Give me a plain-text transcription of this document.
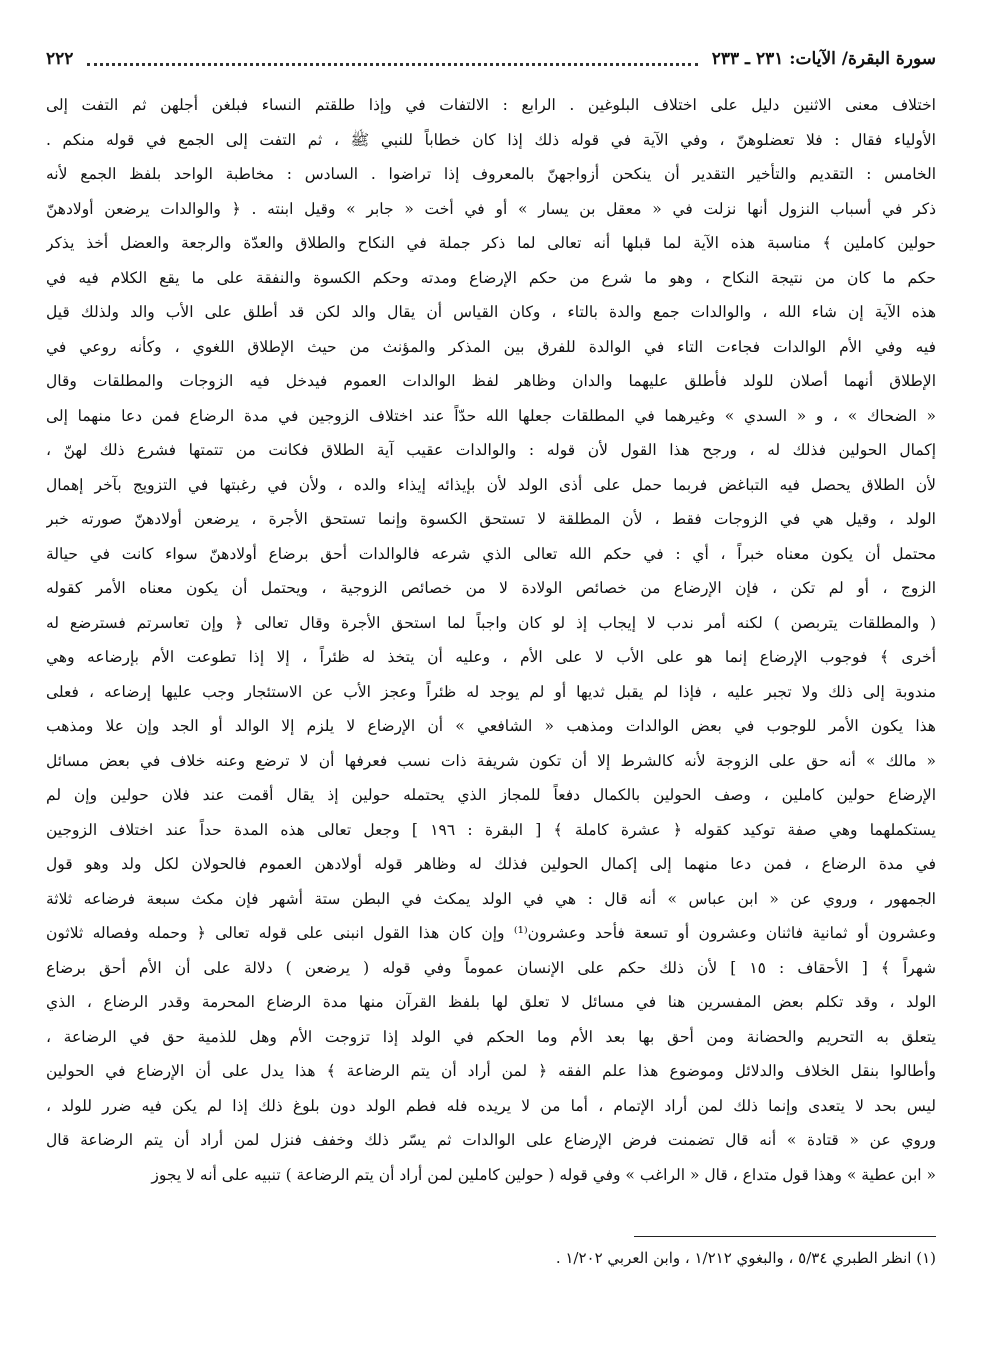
سورة البقرة/ الآيات: ٢٣١ ـ ٢٣٣
٢٢٢
اختلاف معنى الاثنين دليل على اختلاف البلوغين . الرابع : الالتفات في وإذا طلقتم النساء فبلغن أجلهن ثم التفت إلى
الأولياء فقال : فلا تعضلوهنّ ، وفي الآية في قوله ذلك إذا كان خطاباً للنبي ﷺ ، ثم التفت إلى الجمع في قوله منكم .
الخامس : التقديم والتأخير التقدير أن ينكحن أزواجهنّ بالمعروف إذا تراضوا . السادس : مخاطبة الواحد بلفظ الجمع لأنه
ذكر في أسباب النزول أنها نزلت في « معقل بن يسار » أو في أخت « جابر » وقيل ابنته . ﴿ والوالدات يرضعن أولادهنّ
حولين كاملين ﴾ مناسبة هذه الآية لما قبلها أنه تعالى لما ذكر جملة في النكاح والطلاق والعدّة والرجعة والعضل أخذ يذكر
حكم ما كان من نتيجة النكاح ، وهو ما شرع من حكم الإرضاع ومدته وحكم الكسوة والنفقة على ما يقع الكلام فيه في
هذه الآية إن شاء الله ، والوالدات جمع والدة بالتاء ، وكان القياس أن يقال والد لكن قد أطلق على الأب والد ولذلك قيل
فيه وفي الأم الوالدات فجاءت التاء في الوالدة للفرق بين المذكر والمؤنث من حيث الإطلاق اللغوي ، وكأنه روعي في
الإطلاق أنهما أصلان للولد فأطلق عليهما والدان وظاهر لفظ الوالدات العموم فيدخل فيه الزوجات والمطلقات وقال
« الضحاك » ، و « السدي » وغيرهما في المطلقات جعلها الله حدّاً عند اختلاف الزوجين في مدة الرضاع فمن دعا منهما إلى
إكمال الحولين فذلك له ، ورجح هذا القول لأن قوله : والوالدات عقيب آية الطلاق فكانت من تتمتها فشرع ذلك لهنّ ،
لأن الطلاق يحصل فيه التباغض فربما حمل على أذى الولد لأن بإيذائه إيذاء والده ، ولأن في رغبتها في التزويج بآخر إهمال
الولد ، وقيل هي في الزوجات فقط ، لأن المطلقة لا تستحق الكسوة وإنما تستحق الأجرة ، يرضعن أولادهنّ صورته خبر
محتمل أن يكون معناه خبراً ، أي : في حكم الله تعالى الذي شرعه فالوالدات أحق برضاع أولادهنّ سواء كانت في حيالة
الزوج ، أو لم تكن ، فإن الإرضاع من خصائص الولادة لا من خصائص الزوجية ، ويحتمل أن يكون معناه الأمر كقوله
( والمطلقات يتربصن ) لكنه أمر ندب لا إيجاب إذ لو كان واجباً لما استحق الأجرة وقال تعالى ﴿ وإن تعاسرتم فسترضع له
أخرى ﴾ فوجوب الإرضاع إنما هو على الأب لا على الأم ، وعليه أن يتخذ له ظئراً ، إلا إذا تطوعت الأم بإرضاعه وهي
مندوبة إلى ذلك ولا تجبر عليه ، فإذا لم يقبل ثديها أو لم يوجد له ظئراً وعجز الأب عن الاستئجار وجب عليها إرضاعه ، فعلى
هذا يكون الأمر للوجوب في بعض الوالدات ومذهب « الشافعي » أن الإرضاع لا يلزم إلا الوالد أو الجد وإن علا ومذهب
« مالك » أنه حق على الزوجة لأنه كالشرط إلا أن تكون شريفة ذات نسب فعرفها أن لا ترضع وعنه خلاف في بعض مسائل
الإرضاع حولين كاملين ، وصف الحولين بالكمال دفعاً للمجاز الذي يحتمله حولين إذ يقال أقمت عند فلان حولين وإن لم
يستكملهما وهي صفة توكيد كقوله ﴿ عشرة كاملة ﴾ [ البقرة : ١٩٦ ] وجعل تعالى هذه المدة حداً عند اختلاف الزوجين
في مدة الرضاع ، فمن دعا منهما إلى إكمال الحولين فذلك له وظاهر قوله أولادهن العموم فالحولان لكل ولد وهو قول
الجمهور ، وروي عن « ابن عباس » أنه قال : هي في الولد يمكث في البطن ستة أشهر فإن مكث سبعة فرضاعه ثلاثة
وعشرون أو ثمانية فاثنان وعشرون أو تسعة فأحد وعشرون⁽¹⁾ وإن كان هذا القول انبنى على قوله تعالى ﴿ وحمله وفصاله ثلاثون
شهراً ﴾ [ الأحقاف : ١٥ ] لأن ذلك حكم على الإنسان عموماً وفي قوله ( يرضعن ) دلالة على أن الأم أحق برضاع
الولد ، وقد تكلم بعض المفسرين هنا في مسائل لا تعلق لها بلفظ القرآن منها مدة الرضاع المحرمة وقدر الرضاع ، الذي
يتعلق به التحريم والحضانة ومن أحق بها بعد الأم وما الحكم في الولد إذا تزوجت الأم وهل للذمية حق في الرضاعة ،
وأطالوا بنقل الخلاف والدلائل وموضوع هذا علم الفقه ﴿ لمن أراد أن يتم الرضاعة ﴾ هذا يدل على أن الإرضاع في الحولين
ليس بحد لا يتعدى وإنما ذلك لمن أراد الإتمام ، أما من لا يريده فله فطم الولد دون بلوغ ذلك إذا لم يكن فيه ضرر للولد ،
وروي عن « قتادة » أنه قال تضمنت فرض الإرضاع على الوالدات ثم يسّر ذلك وخفف فنزل لمن أراد أن يتم الرضاعة قال
« ابن عطية » وهذا قول متداع ، قال « الراغب » وفي قوله ( حولين كاملين لمن أراد أن يتم الرضاعة ) تنبيه على أنه لا يجوز
(١) انظر الطبري ٥/٣٤ ، والبغوي ١/٢١٢ ، وابن العربي ١/٢٠٢ .
